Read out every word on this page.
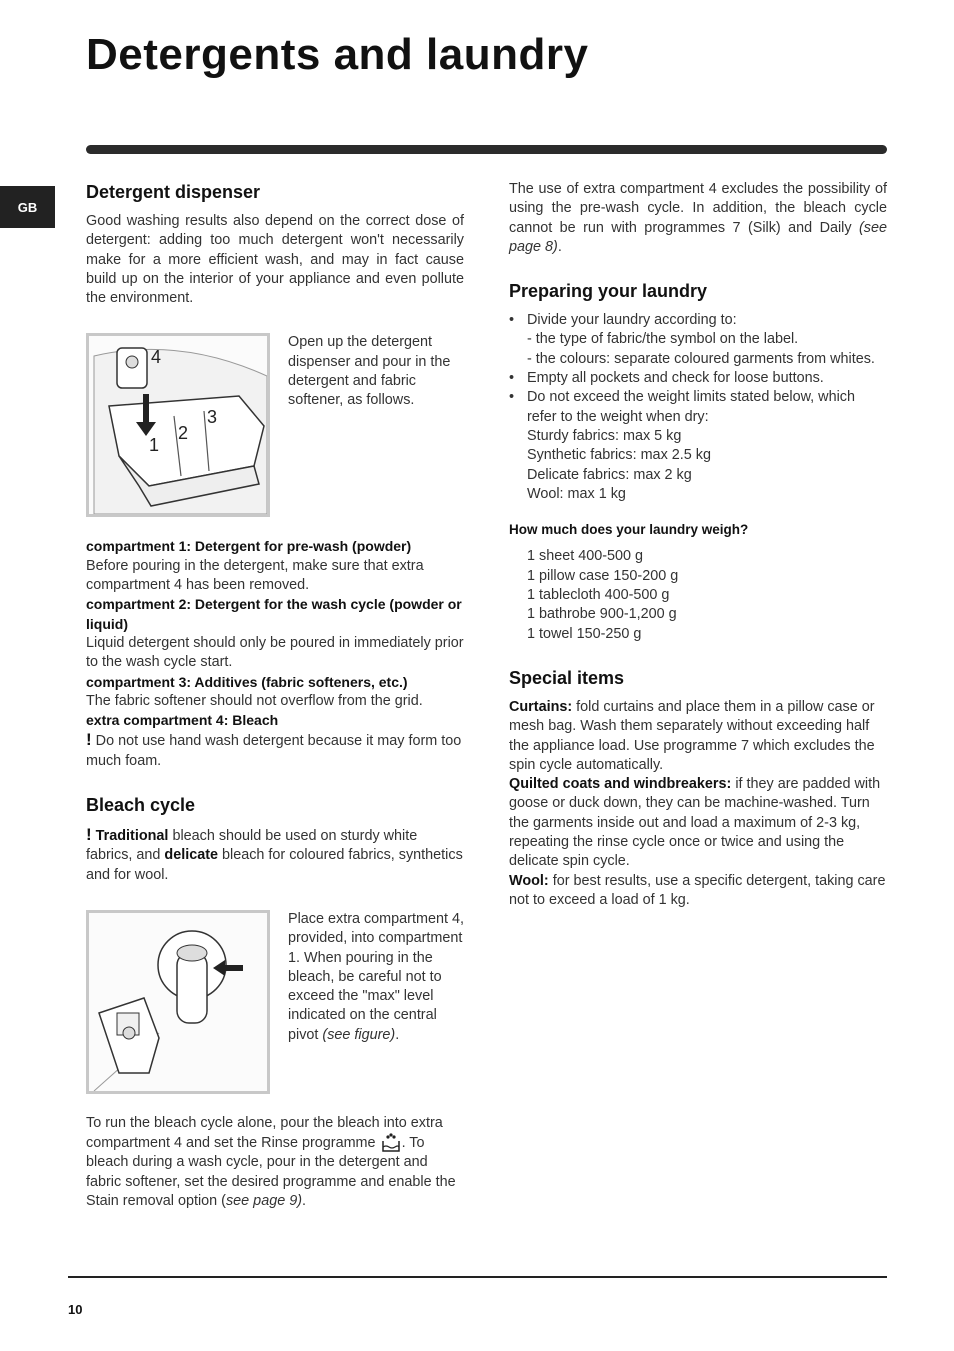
Detergents and laundry
GB
Detergent dispenser

Good washing results also depend on the correct dose of detergent: adding too much detergent won't necessarily make for a more efficient wash, and may in fact cause build up on the interior of your appliance and even pollute the environment.

4
3
2
1

Open up the detergent dispenser and pour in the detergent and fabric softener, as follows.

compartment 1: Detergent for pre-wash (powder)

Before pouring in the detergent, make sure that extra compartment 4 has been removed.

compartment 2: Detergent for the wash cycle (powder or liquid)

Liquid detergent should only be poured in immediately prior to the wash cycle start.

compartment 3: Additives (fabric softeners, etc.)

The fabric softener should not overflow from the grid.

extra compartment 4: Bleach

! Do not use hand wash detergent because it may form too much foam.

Bleach cycle

! Traditional bleach should be used on sturdy white fabrics, and delicate bleach for coloured fabrics, synthetics and for wool.

Place extra compartment 4, provided, into compartment 1. When pouring in the bleach, be careful not to exceed the "max" level indicated on the central pivot (see figure).

To run the bleach cycle alone, pour the bleach into extra compartment 4 and set the Rinse programme . To bleach during a wash cycle, pour in the detergent and fabric softener, set the desired programme and enable the Stain removal option (see page 9).

The use of extra compartment 4 excludes the possibility of using the pre-wash cycle. In addition, the bleach cycle cannot be run with programmes 7 (Silk) and Daily (see page 8).

Preparing your laundry
• Divide your laundry according to:
- the type of fabric/the symbol on the label.
- the colours: separate coloured garments from whites.
• Empty all pockets and check for loose buttons.
• Do not exceed the weight limits stated below, which refer to the weight when dry:
Sturdy fabrics: max 5 kg
Synthetic fabrics: max 2.5 kg
Delicate fabrics: max 2 kg
Wool: max 1 kg
How much does your laundry weigh?
1 sheet 400-500 g
1 pillow case 150-200 g
1 tablecloth 400-500 g
1 bathrobe 900-1,200 g
1 towel 150-250 g
Special items

Curtains: fold curtains and place them in a pillow case or mesh bag. Wash them separately without exceeding half the appliance load. Use programme 7 which excludes the spin cycle automatically.

Quilted coats and windbreakers: if they are padded with goose or duck down, they can be machine-washed. Turn the garments inside out and load a maximum of 2-3 kg, repeating the rinse cycle once or twice and using the delicate spin cycle.

Wool: for best results, use a specific detergent, taking care not to exceed a load of 1 kg.

10
